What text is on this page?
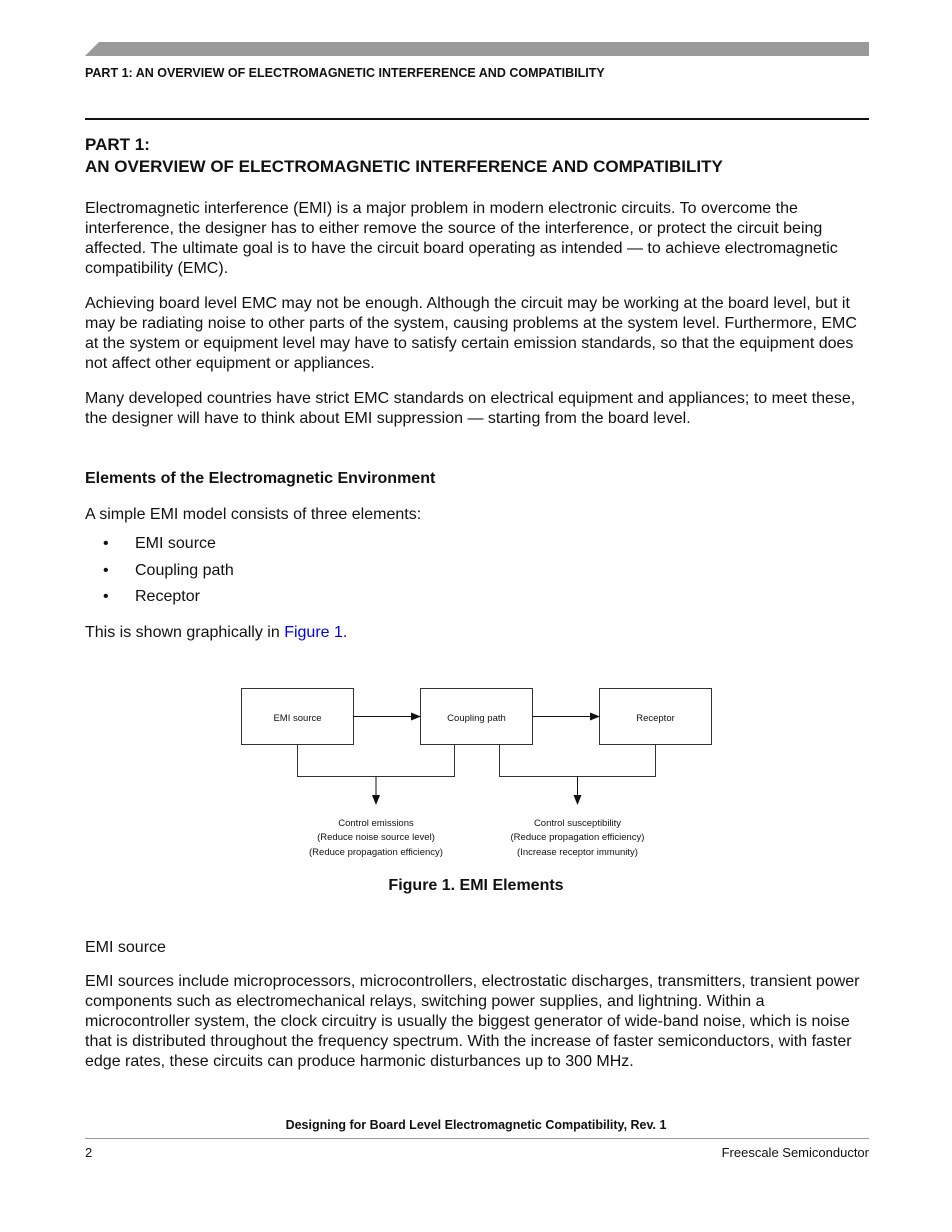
PART 1: AN OVERVIEW OF ELECTROMAGNETIC INTERFERENCE AND COMPATIBILITY
PART 1:
AN OVERVIEW OF ELECTROMAGNETIC INTERFERENCE AND COMPATIBILITY

Electromagnetic interference (EMI) is a major problem in modern electronic circuits. To overcome the interference, the designer has to either remove the source of the interference, or protect the circuit being affected. The ultimate goal is to have the circuit board operating as intended — to achieve electromagnetic compatibility (EMC).

Achieving board level EMC may not be enough. Although the circuit may be working at the board level, but it may be radiating noise to other parts of the system, causing problems at the system level. Furthermore, EMC at the system or equipment level may have to satisfy certain emission standards, so that the equipment does not affect other equipment or appliances.

Many developed countries have strict EMC standards on electrical equipment and appliances; to meet these, the designer will have to think about EMI suppression — starting from the board level.

Elements of the Electromagnetic Environment

A simple EMI model consists of three elements:

• EMI source
• Coupling path
• Receptor

This is shown graphically in Figure 1.

EMI source	Coupling path	Receptor
Control emissions
(Reduce noise source level)
(Reduce propagation efficiency)
Control susceptibility
(Reduce propagation efficiency)
(Increase receptor immunity)
Figure 1. EMI Elements

EMI source

EMI sources include microprocessors, microcontrollers, electrostatic discharges, transmitters, transient power components such as electromechanical relays, switching power supplies, and lightning. Within a microcontroller system, the clock circuitry is usually the biggest generator of wide-band noise, which is noise that is distributed throughout the frequency spectrum. With the increase of faster semiconductors, with faster edge rates, these circuits can produce harmonic disturbances up to 300 MHz.

Designing for Board Level Electromagnetic Compatibility, Rev. 1
2	Freescale Semiconductor
